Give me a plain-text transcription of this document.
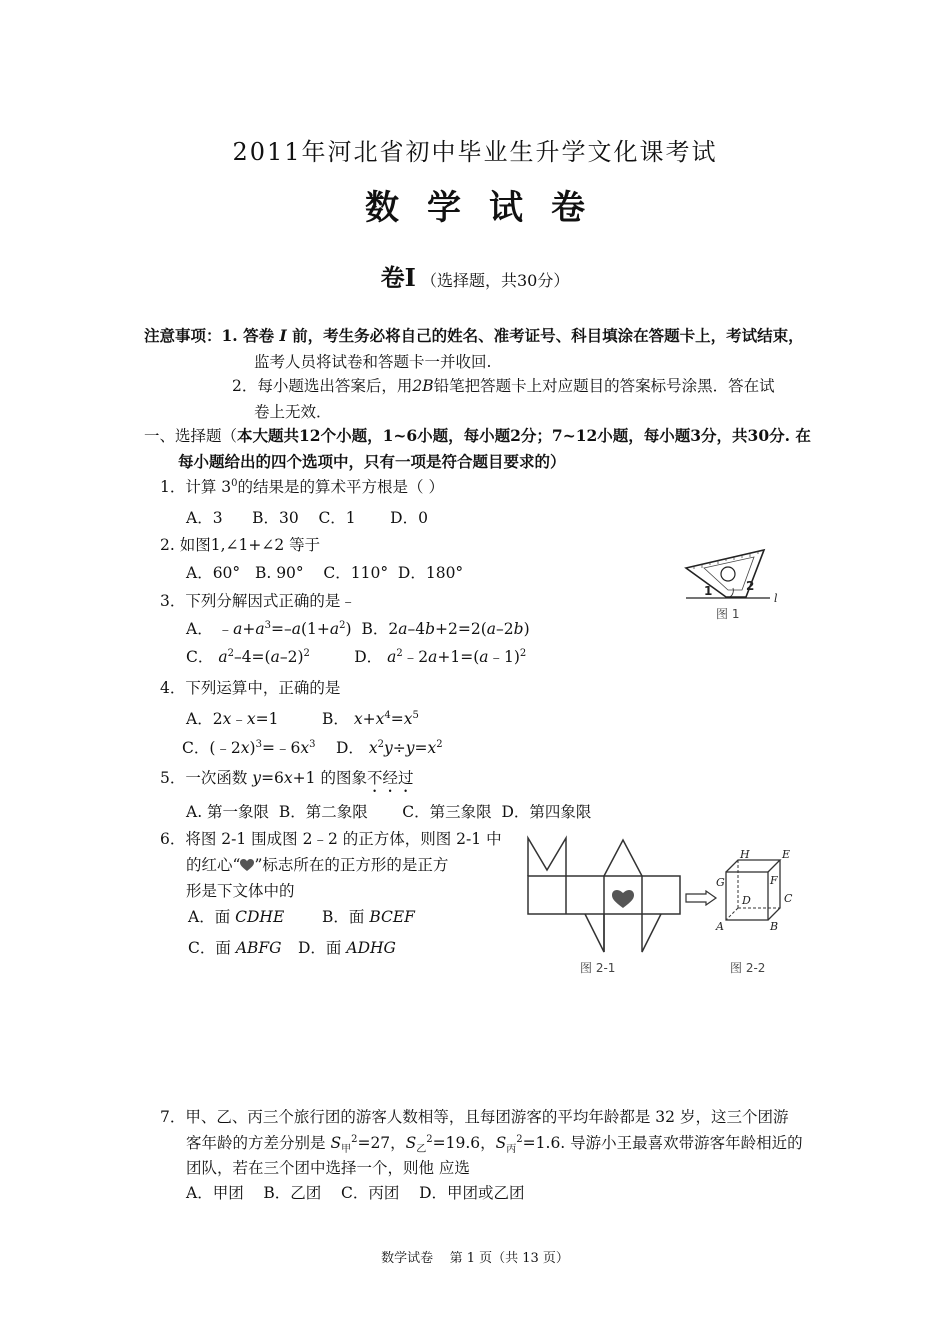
2011年河北省初中毕业生升学文化课考试
数学试卷
卷Ⅰ （选择题，共30分）
注意事项：1. 答卷 Ⅰ 前，考生务必将自己的姓名、准考证号、科目填涂在答题卡上，考试结束，
监考人员将试卷和答题卡一并收回.
2．每小题选出答案后，用2B铅笔把答题卡上对应题目的答案标号涂黑．答在试
卷上无效．
一、选择题（本大题共12个小题，1~6小题，每小题2分；7~12小题，每小题3分，共30分. 在
每小题给出的四个选项中，只有一项是符合题目要求的）
1．计算 $3^0$的结果是的算术平方根是（ ）
A．3      B．30    C．1       D．0
2. 如图1,∠1+∠2 等于
A．60°   B. 90°    C．110°  D．180°
1	2
l
图 1
3．下列分解因式正确的是﹣
A． $﹣a+a^3=-a(1+a^2)$  B．2a–4b+2=2(a–2b)
C． $a^2-4=(a-2)^2$	D． $a^2﹣2a+1=(a﹣1)^2$
4．下列运算中，正确的是
A．2x﹣x=1	B． $x+x^4=x^5$
C．$(﹣2x)^3=﹣6x^3$ D． $x^2y\div y=x^2$
5．一次函数 y=6x+1 的图象不经过
A. 第一象限  B．第二象限       C．第三象限  D．第四象限
6．将图 2-1 围成图 2﹣2 的正方体，则图 2-1 中
的红心“ ”标志所在的正方形的是正方
形是下文体中的
A．面 CDHE B．面 BCEF
C．面 ABFG D．面 ADHG
图 2-1
H	E
G	F
C
D
A	B
图 2-2
7．甲、乙、丙三个旅行团的游客人数相等，且每团游客的平均年龄都是 32 岁，这三个团游
客年龄的方差分别是 $S_甲^2=27$，$S_乙^2=19.6$，$S_丙^2=1.6$. 导游小王最喜欢带游客年龄相近的
团队，若在三个团中选择一个，则他 应选
A．甲团    B．乙团    C．丙团    D．甲团或乙团
数学试卷    第 1 页（共 13 页）
